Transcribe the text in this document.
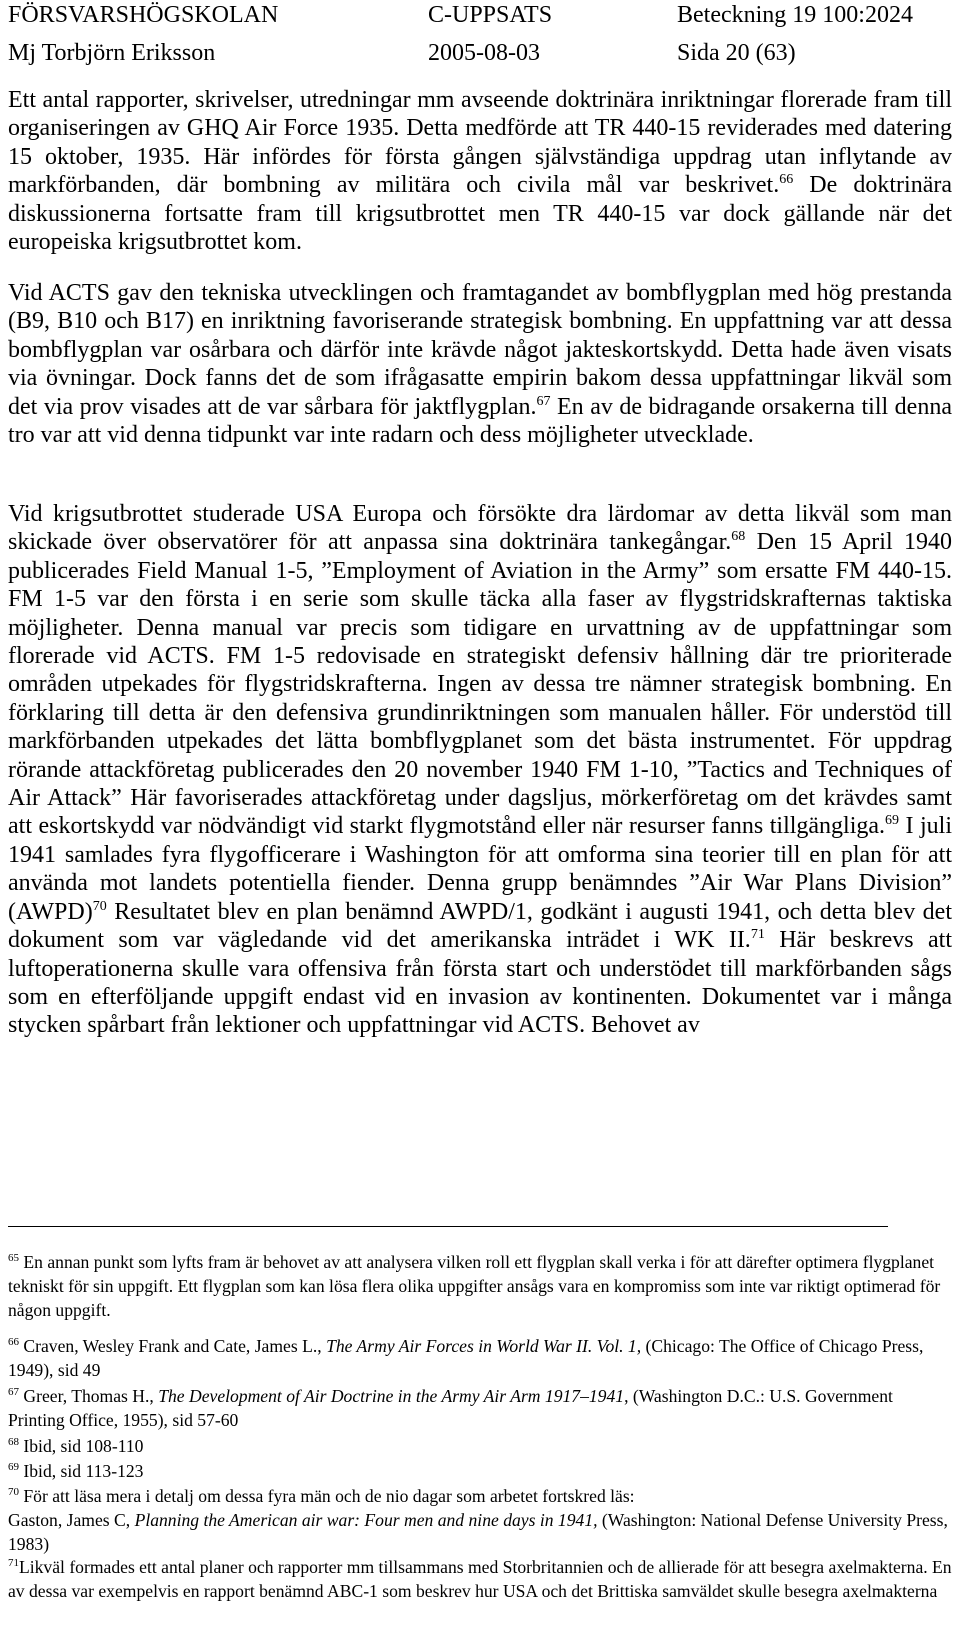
FÖRSVARSHÖGSKOLAN	C-UPPSATS	Beteckning 19 100:2024
Mj Torbjörn Eriksson	2005-08-03	Sida 20 (63)

Ett antal rapporter, skrivelser, utredningar mm avseende doktrinära inriktningar florerade fram till organiseringen av GHQ Air Force 1935. Detta medförde att TR 440-15 reviderades med datering 15 oktober, 1935. Här infördes för första gången självständiga uppdrag utan inflytande av markförbanden, där bombning av militära och civila mål var beskrivet.$^{66}$ De doktrinära diskussionerna fortsatte fram till krigsutbrottet men TR 440-15 var dock gällande när det europeiska krigsutbrottet kom.

Vid ACTS gav den tekniska utvecklingen och framtagandet av bombflygplan med hög prestanda (B9, B10 och B17) en inriktning favoriserande strategisk bombning. En uppfattning var att dessa bombflygplan var osårbara och därför inte krävde något jakteskortskydd. Detta hade även visats via övningar. Dock fanns det de som ifrågasatte empirin bakom dessa uppfattningar likväl som det via prov visades att de var sårbara för jaktflygplan.$^{67}$ En av de bidragande orsakerna till denna tro var att vid denna tidpunkt var inte radarn och dess möjligheter utvecklade.

Vid krigsutbrottet studerade USA Europa och försökte dra lärdomar av detta likväl som man skickade över observatörer för att anpassa sina doktrinära tankegångar.$^{68}$ Den 15 April 1940 publicerades Field Manual 1-5, ”Employment of Aviation in the Army” som ersatte FM 440-15. FM 1-5 var den första i en serie som skulle täcka alla faser av flygstridskrafternas taktiska möjligheter. Denna manual var precis som tidigare en urvattning av de uppfattningar som florerade vid ACTS. FM 1-5 redovisade en strategiskt defensiv hållning där tre prioriterade områden utpekades för flygstridskrafterna. Ingen av dessa tre nämner strategisk bombning. En förklaring till detta är den defensiva grundinriktningen som manualen håller. För understöd till markförbanden utpekades det lätta bombflygplanet som det bästa instrumentet. För uppdrag rörande attackföretag publicerades den 20 november 1940 FM 1-10, ”Tactics and Techniques of Air Attack” Här favoriserades attackföretag under dagsljus, mörkerföretag om det krävdes samt att eskortskydd var nödvändigt vid starkt flygmotstånd eller när resurser fanns tillgängliga.$^{69}$ I juli 1941 samlades fyra flygofficerare i Washington för att omforma sina teorier till en plan för att använda mot landets potentiella fiender. Denna grupp benämndes ”Air War Plans Division” (AWPD)$^{70}$ Resultatet blev en plan benämnd AWPD/1, godkänt i augusti 1941, och detta blev det dokument som var vägledande vid det amerikanska inträdet i WK II.$^{71}$ Här beskrevs att luftoperationerna skulle vara offensiva från första start och understödet till markförbanden sågs som en efterföljande uppgift endast vid en invasion av kontinenten. Dokumentet var i många stycken spårbart från lektioner och uppfattningar vid ACTS. Behovet av

$^{65}$ En annan punkt som lyfts fram är behovet av att analysera vilken roll ett flygplan skall verka i för att därefter optimera flygplanet tekniskt för sin uppgift. Ett flygplan som kan lösa flera olika uppgifter ansågs vara en kompromiss som inte var riktigt optimerad för någon uppgift.

$^{66}$ Craven, Wesley Frank and Cate, James L., The Army Air Forces in World War II. Vol. 1, (Chicago: The Office of Chicago Press, 1949), sid 49

$^{67}$ Greer, Thomas H., The Development of Air Doctrine in the Army Air Arm 1917–1941, (Washington D.C.: U.S. Government Printing Office, 1955), sid 57-60

$^{68}$ Ibid, sid 108-110

$^{69}$ Ibid, sid 113-123

$^{70}$ För att läsa mera i detalj om dessa fyra män och de nio dagar som arbetet fortskred läs:
Gaston, James C, Planning the American air war: Four men and nine days in 1941, (Washington: National Defense University Press, 1983)

$^{71}$Likväl formades ett antal planer och rapporter mm tillsammans med Storbritannien och de allierade för att besegra axelmakterna. En av dessa var exempelvis en rapport benämnd ABC-1 som beskrev hur USA och det Brittiska samväldet skulle besegra axelmakterna
